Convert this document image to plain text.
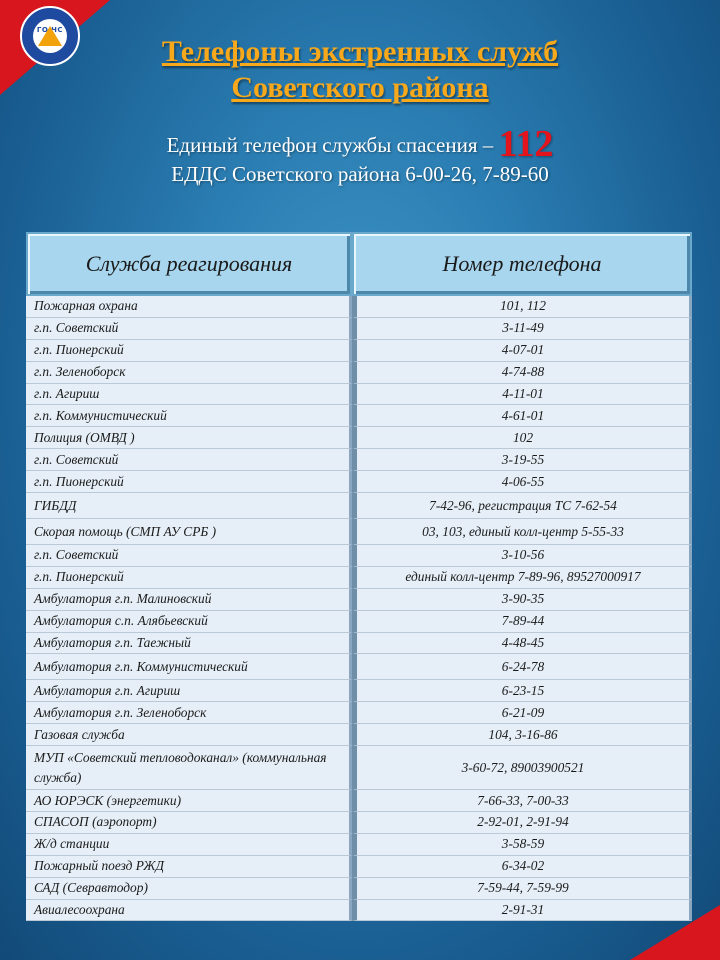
ГО ЧС
Телефоны экстренных служб
Советского района
Единый телефон службы спасения – 112
ЕДДС Советского района 6-00-26, 7-89-60
Служба реагирования	Номер телефона
Пожарная охрана	101, 112
г.п. Советский	3-11-49
г.п. Пионерский	4-07-01
г.п. Зеленоборск	4-74-88
г.п. Агириш	4-11-01
г.п. Коммунистический	4-61-01
Полиция (ОМВД )	102
г.п. Советский	3-19-55
г.п. Пионерский	4-06-55
ГИБДД	7-42-96, регистрация ТС 7-62-54
Скорая помощь (СМП АУ СРБ )	03, 103, единый колл-центр 5-55-33
г.п. Советский	3-10-56
г.п. Пионерский	единый колл-центр 7-89-96, 89527000917
Амбулатория г.п. Малиновский	3-90-35
Амбулатория с.п. Алябьевский	7-89-44
Амбулатория г.п. Таежный	4-48-45
Амбулатория г.п. Коммунистический	6-24-78
Амбулатория г.п. Агириш	6-23-15
Амбулатория г.п. Зеленоборск	6-21-09
Газовая служба	104, 3-16-86
МУП «Советский тепловодоканал» (коммунальная служба)	3-60-72, 89003900521
АО ЮРЭСК (энергетики)	7-66-33, 7-00-33
СПАСОП (аэропорт)	2-92-01, 2-91-94
Ж/д станции	3-58-59
Пожарный поезд РЖД	6-34-02
САД (Севравтодор)	7-59-44, 7-59-99
Авиалесоохрана	2-91-31
